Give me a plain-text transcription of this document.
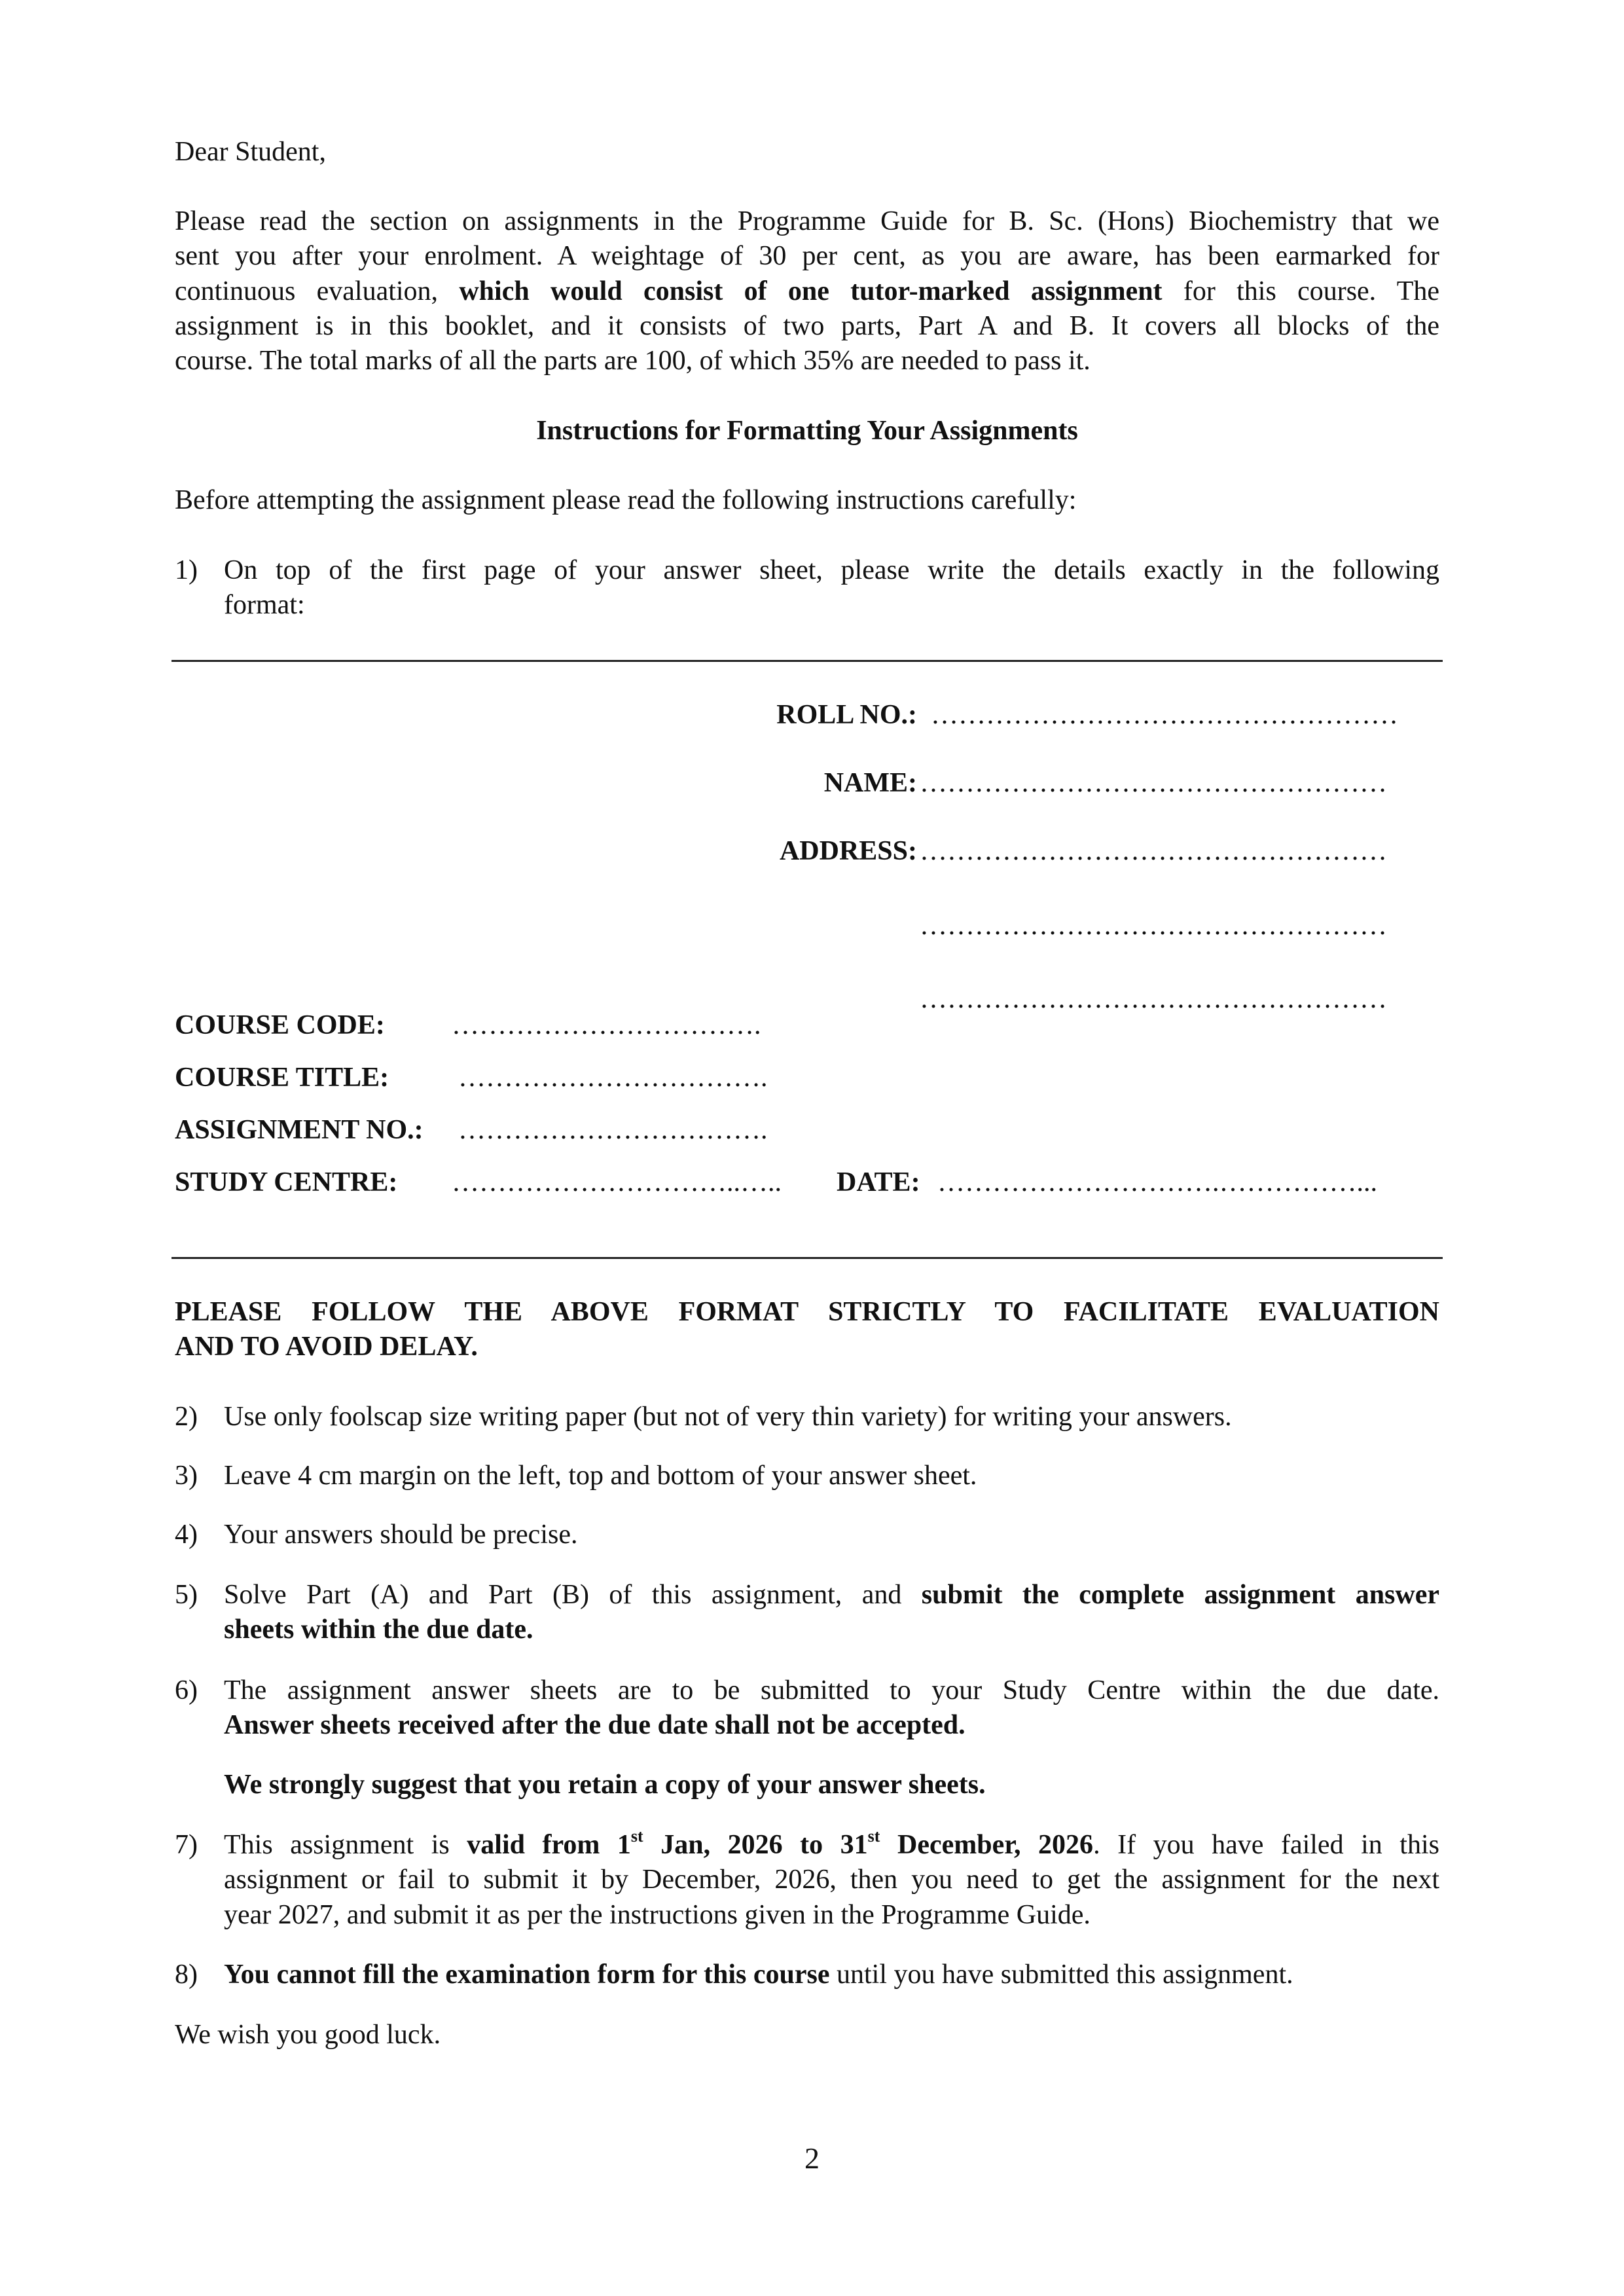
Dear Student,
Please read the section on assignments in the Programme Guide for B. Sc. (Hons) Biochemistry that we
sent you after your enrolment. A weightage of 30 per cent, as you are aware, has been earmarked for
continuous evaluation, which would consist of one tutor-marked assignment for this course. The
assignment is in this booklet, and it consists of two parts, Part A and B. It covers all blocks of the
course. The total marks of all the parts are 100, of which 35% are needed to pass it.
Instructions for Formatting Your Assignments
Before attempting the assignment please read the following instructions carefully:
1) On top of the first page of your answer sheet, please write the details exactly in the following
format:
ROLL NO.: ……………………………………………
NAME: ……………………………………………
ADDRESS: ……………………………………………
……………………………………………
……………………………………………
COURSE CODE: …………………………….
COURSE TITLE:	…………………………….
ASSIGNMENT NO.: …………………………….
STUDY CENTRE: …………………………..….. DATE: ………………………….……………...
PLEASE FOLLOW THE ABOVE FORMAT STRICTLY TO FACILITATE EVALUATION
AND TO AVOID DELAY.
2) Use only foolscap size writing paper (but not of very thin variety) for writing your answers.
3) Leave 4 cm margin on the left, top and bottom of your answer sheet.
4) Your answers should be precise.
5) Solve Part (A) and Part (B) of this assignment, and submit the complete assignment answer
sheets within the due date.
6) The assignment answer sheets are to be submitted to your Study Centre within the due date.
Answer sheets received after the due date shall not be accepted.
We strongly suggest that you retain a copy of your answer sheets.
7) This assignment is valid from 1st Jan, 2026 to 31st December, 2026. If you have failed in this
assignment or fail to submit it by December, 2026, then you need to get the assignment for the next
year 2027, and submit it as per the instructions given in the Programme Guide.
8) You cannot fill the examination form for this course until you have submitted this assignment.
We wish you good luck.
2
